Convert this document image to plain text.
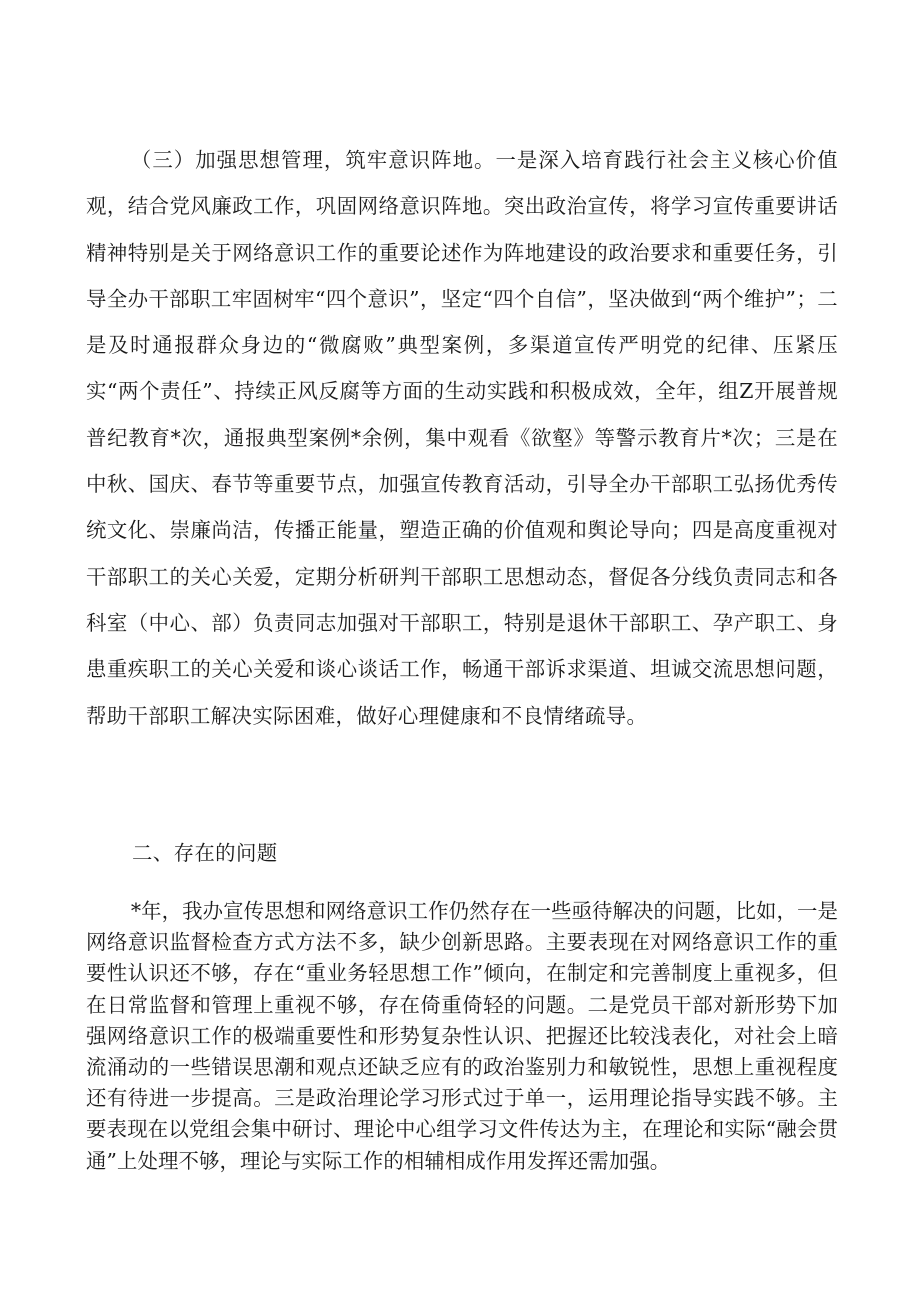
（三）加强思想管理，筑牢意识阵地。一是深入培育践行社会主义核心价值观，结合党风廉政工作，巩固网络意识阵地。突出政治宣传，将学习宣传重要讲话精神特别是关于网络意识工作的重要论述作为阵地建设的政治要求和重要任务，引导全办干部职工牢固树牢“四个意识”，坚定“四个自信”，坚决做到“两个维护”；二是及时通报群众身边的“微腐败”典型案例，多渠道宣传严明党的纪律、压紧压实“两个责任”、持续正风反腐等方面的生动实践和积极成效，全年，组Z开展普规普纪教育*次，通报典型案例*余例，集中观看《欲壑》等警示教育片*次；三是在中秋、国庆、春节等重要节点，加强宣传教育活动，引导全办干部职工弘扬优秀传统文化、崇廉尚洁，传播正能量，塑造正确的价值观和舆论导向；四是高度重视对干部职工的关心关爱，定期分析研判干部职工思想动态，督促各分线负责同志和各科室（中心、部）负责同志加强对干部职工，特别是退休干部职工、孕产职工、身患重疾职工的关心关爱和谈心谈话工作，畅通干部诉求渠道、坦诚交流思想问题，帮助干部职工解决实际困难，做好心理健康和不良情绪疏导。

二、存在的问题

*年，我办宣传思想和网络意识工作仍然存在一些亟待解决的问题，比如，一是网络意识监督检查方式方法不多，缺少创新思路。主要表现在对网络意识工作的重要性认识还不够，存在“重业务轻思想工作”倾向，在制定和完善制度上重视多，但在日常监督和管理上重视不够，存在倚重倚轻的问题。二是党员干部对新形势下加强网络意识工作的极端重要性和形势复杂性认识、把握还比较浅表化，对社会上暗流涌动的一些错误思潮和观点还缺乏应有的政治鉴别力和敏锐性，思想上重视程度还有待进一步提高。三是政治理论学习形式过于单一，运用理论指导实践不够。主要表现在以党组会集中研讨、理论中心组学习文件传达为主，在理论和实际“融会贯通”上处理不够，理论与实际工作的相辅相成作用发挥还需加强。
